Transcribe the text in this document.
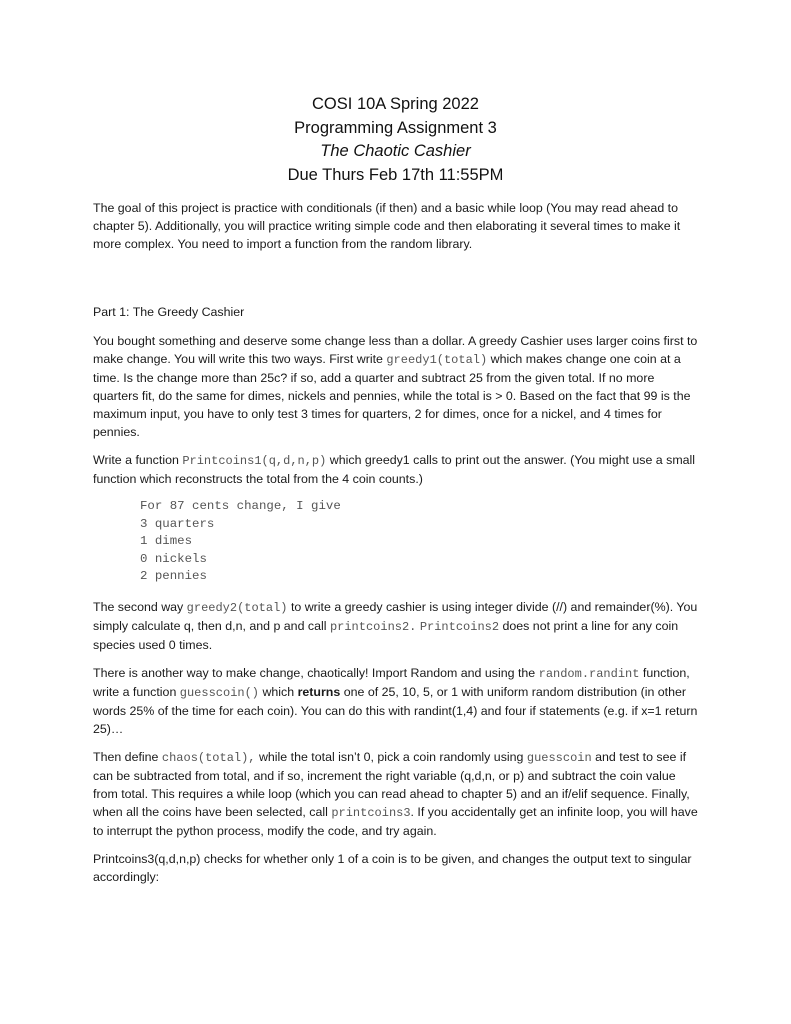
COSI 10A Spring 2022
Programming Assignment 3
The Chaotic Cashier
Due Thurs Feb 17th 11:55PM

The goal of this project is practice with conditionals (if then) and a basic while loop (You may read ahead to chapter 5). Additionally, you will practice writing simple code and then elaborating it several times to make it more complex. You need to import a function from the random library.

Part 1: The Greedy Cashier

You bought something and deserve some change less than a dollar. A greedy Cashier uses larger coins first to make change. You will write this two ways. First write greedy1(total) which makes change one coin at a time. Is the change more than 25c? if so, add a quarter and subtract 25 from the given total. If no more quarters fit, do the same for dimes, nickels and pennies, while the total is > 0. Based on the fact that 99 is the maximum input, you have to only test 3 times for quarters, 2 for dimes, once for a nickel, and 4 times for pennies.

Write a function Printcoins1(q,d,n,p) which greedy1 calls to print out the answer. (You might use a small function which reconstructs the total from the 4 coin counts.)

For 87 cents change, I give
3 quarters
1 dimes
0 nickels
2 pennies

The second way greedy2(total) to write a greedy cashier is using integer divide (//) and remainder(%). You simply calculate q, then d,n, and p and call printcoins2. Printcoins2 does not print a line for any coin species used 0 times.

There is another way to make change, chaotically! Import Random and using the random.randint function, write a function guesscoin() which returns one of 25, 10, 5, or 1 with uniform random distribution (in other words 25% of the time for each coin). You can do this with randint(1,4) and four if statements (e.g. if x=1 return 25)…

Then define chaos(total), while the total isn’t 0, pick a coin randomly using guesscoin and test to see if can be subtracted from total, and if so, increment the right variable (q,d,n, or p) and subtract the coin value from total. This requires a while loop (which you can read ahead to chapter 5) and an if/elif sequence. Finally, when all the coins have been selected, call printcoins3. If you accidentally get an infinite loop, you will have to interrupt the python process, modify the code, and try again.

Printcoins3(q,d,n,p) checks for whether only 1 of a coin is to be given, and changes the output text to singular accordingly:
